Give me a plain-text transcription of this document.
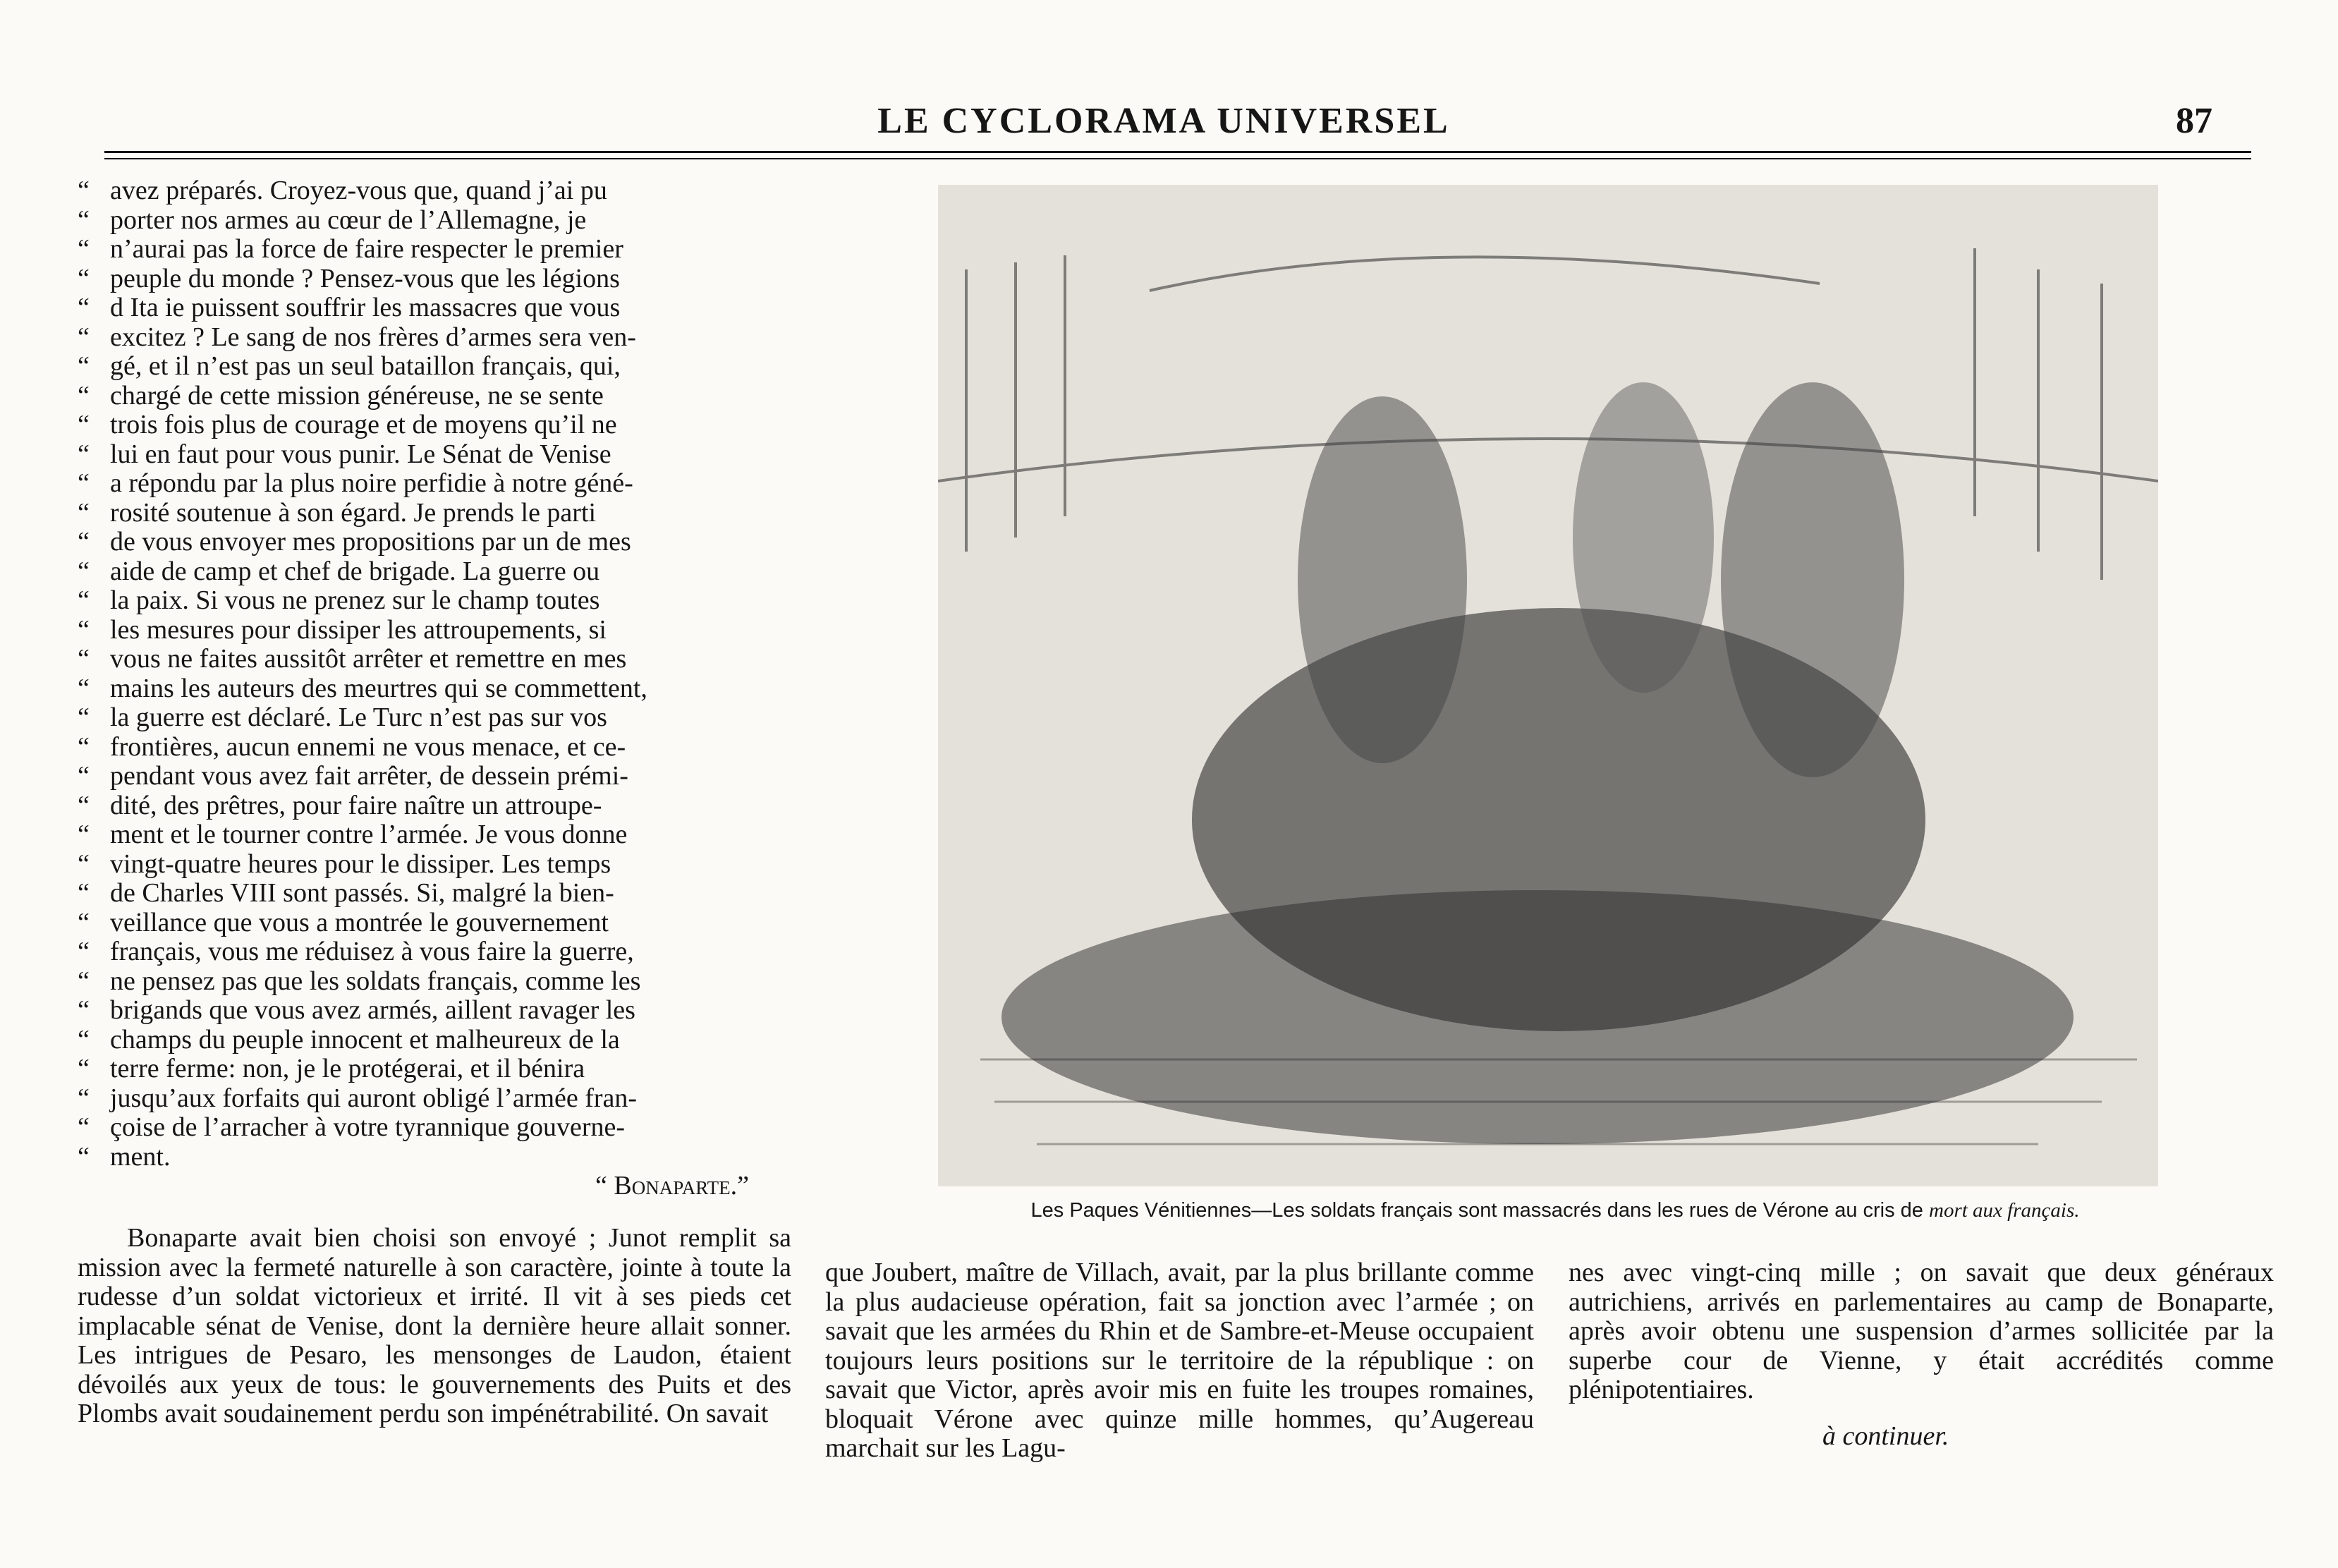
LE CYCLORAMA UNIVERSEL	87

“ avez préparés. Croyez-vous que, quand j’ai pu

“ porter nos armes au cœur de l’Allemagne, je

“ n’aurai pas la force de faire respecter le premier

“ peuple du monde ? Pensez-vous que les légions

“ d Ita ie puissent souffrir les massacres que vous

“ excitez ? Le sang de nos frères d’armes sera ven-

“ gé, et il n’est pas un seul bataillon français, qui,

“ chargé de cette mission généreuse, ne se sente

“ trois fois plus de courage et de moyens qu’il ne

“ lui en faut pour vous punir. Le Sénat de Venise

“ a répondu par la plus noire perfidie à notre géné-

“ rosité soutenue à son égard. Je prends le parti

“ de vous envoyer mes propositions par un de mes

“ aide de camp et chef de brigade. La guerre ou

“ la paix. Si vous ne prenez sur le champ toutes

“ les mesures pour dissiper les attroupements, si

“ vous ne faites aussitôt arrêter et remettre en mes

“ mains les auteurs des meurtres qui se commettent,

“ la guerre est déclaré. Le Turc n’est pas sur vos

“ frontières, aucun ennemi ne vous menace, et ce-

“ pendant vous avez fait arrêter, de dessein prémi-

“ dité, des prêtres, pour faire naître un attroupe-

“ ment et le tourner contre l’armée. Je vous donne

“ vingt-quatre heures pour le dissiper. Les temps

“ de Charles VIII sont passés. Si, malgré la bien-

“ veillance que vous a montrée le gouvernement

“ français, vous me réduisez à vous faire la guerre,

“ ne pensez pas que les soldats français, comme les

“ brigands que vous avez armés, aillent ravager les

“ champs du peuple innocent et malheureux de la

“ terre ferme: non, je le protégerai, et il bénira

“ jusqu’aux forfaits qui auront obligé l’armée fran-

“ çoise de l’arracher à votre tyrannique gouverne-

“ ment.

“ Bonaparte.”

Bonaparte avait bien choisi son envoyé ; Junot remplit sa mission avec la fermeté naturelle à son caractère, jointe à toute la rudesse d’un soldat victorieux et irrité. Il vit à ses pieds cet implacable sénat de Venise, dont la dernière heure allait sonner. Les intrigues de Pesaro, les mensonges de Laudon, étaient dévoilés aux yeux de tous: le gouvernements des Puits et des Plombs avait soudainement perdu son impénétrabilité. On savait

Les Paques Vénitiennes—Les soldats français sont massacrés dans les rues de Vérone au cris de mort aux français.

que Joubert, maître de Villach, avait, par la plus brillante comme la plus audacieuse opération, fait sa jonction avec l’armée ; on savait que les armées du Rhin et de Sambre-et-Meuse occupaient toujours leurs positions sur le territoire de la république : on savait que Victor, après avoir mis en fuite les troupes romaines, bloquait Vérone avec quinze mille hommes, qu’Augereau marchait sur les Lagu-

nes avec vingt-cinq mille ; on savait que deux généraux autrichiens, arrivés en parlementaires au camp de Bonaparte, après avoir obtenu une suspension d’armes sollicitée par la superbe cour de Vienne, y était accrédités comme plénipotentiaires.

à continuer.
